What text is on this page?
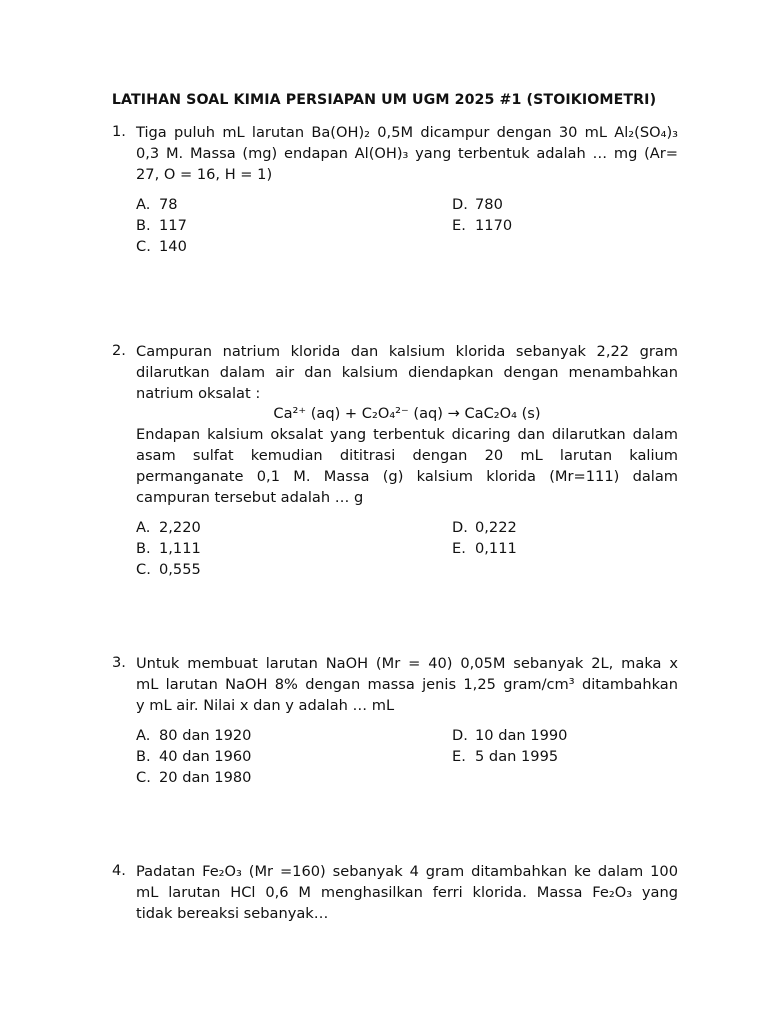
LATIHAN SOAL KIMIA PERSIAPAN UM UGM 2025 #1 (STOIKIOMETRI)
1. Tiga puluh mL larutan Ba(OH)₂ 0,5M dicampur dengan 30 mL Al₂(SO₄)₃
0,3 M. Massa (mg) endapan Al(OH)₃ yang terbentuk adalah … mg (Ar=
27, O = 16, H = 1)
A. 78
B. 117
C. 140
D. 780
E. 1170
2. Campuran natrium klorida dan kalsium klorida sebanyak 2,22 gram
dilarutkan dalam air dan kalsium diendapkan dengan menambahkan
natrium oksalat :
Ca²⁺ (aq) + C₂O₄²⁻ (aq) → CaC₂O₄ (s)
Endapan kalsium oksalat yang terbentuk dicaring dan dilarutkan dalam
asam sulfat kemudian dititrasi dengan 20 mL larutan kalium
permanganate 0,1 M. Massa (g) kalsium klorida (Mr=111) dalam
campuran tersebut adalah … g
A. 2,220
B. 1,111
C. 0,555
D. 0,222
E. 0,111
3. Untuk membuat larutan NaOH (Mr = 40) 0,05M sebanyak 2L, maka x
mL larutan NaOH 8% dengan massa jenis 1,25 gram/cm³ ditambahkan
y mL air. Nilai x dan y adalah … mL
A. 80 dan 1920
B. 40 dan 1960
C. 20 dan 1980
D. 10 dan 1990
E. 5 dan 1995
4. Padatan Fe₂O₃ (Mr =160) sebanyak 4 gram ditambahkan ke dalam 100
mL larutan HCl 0,6 M menghasilkan ferri klorida. Massa Fe₂O₃ yang
tidak bereaksi sebanyak…
